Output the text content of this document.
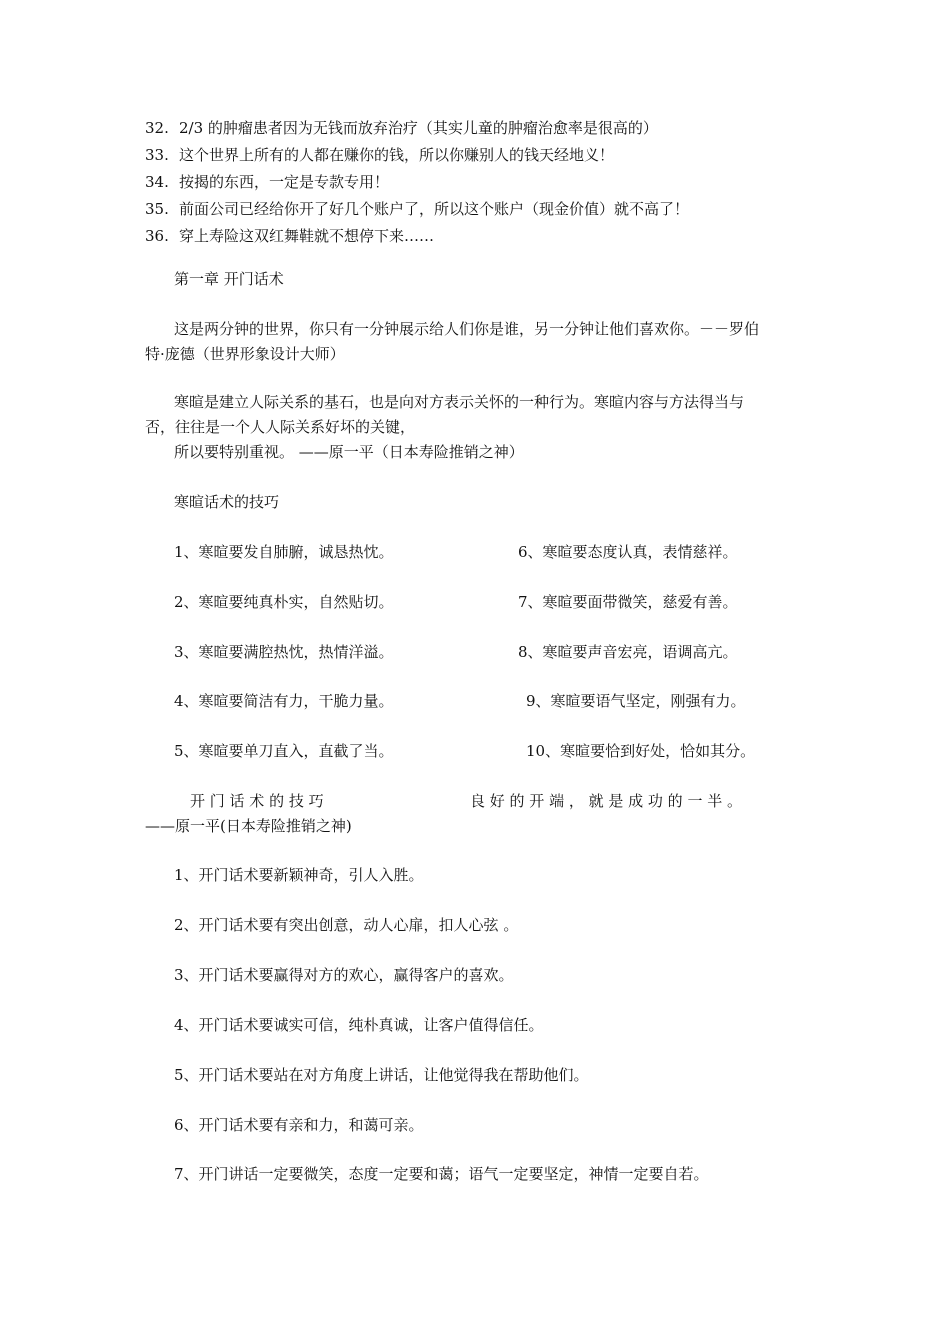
32. 2/3 的肿瘤患者因为无钱而放弃治疗（其实儿童的肿瘤治愈率是很高的）
33. 这个世界上所有的人都在赚你的钱，所以你赚别人的钱天经地义！
34. 按揭的东西，一定是专款专用！
35. 前面公司已经给你开了好几个账户了，所以这个账户（现金价值）就不高了！
36. 穿上寿险这双红舞鞋就不想停下来……
第一章 开门话术
这是两分钟的世界，你只有一分钟展示给人们你是谁，另一分钟让他们喜欢你。－－罗伯
特·庞德（世界形象设计大师）
寒暄是建立人际关系的基石，也是向对方表示关怀的一种行为。寒暄内容与方法得当与
否，往往是一个人人际关系好坏的关键，
所以要特别重视。 ——原一平（日本寿险推销之神）
寒暄话术的技巧
1、寒暄要发自肺腑，诚恳热忱。	6、寒暄要态度认真，表情慈祥。
2、寒暄要纯真朴实，自然贴切。	7、寒暄要面带微笑，慈爱有善。
3、寒暄要满腔热忱，热情洋溢。	8、寒暄要声音宏亮，语调高亢。
4、寒暄要简洁有力，干脆力量。	9、寒暄要语气坚定，刚强有力。
5、寒暄要单刀直入，直截了当。	10、寒暄要恰到好处，恰如其分。
开 门 话 术 的 技 巧	良 好 的 开 端 ， 就 是 成 功 的 一 半 。
——原一平(日本寿险推销之神)
1、开门话术要新颖神奇，引人入胜。
2、开门话术要有突出创意，动人心扉，扣人心弦 。
3、开门话术要赢得对方的欢心，赢得客户的喜欢。
4、开门话术要诚实可信，纯朴真诚，让客户值得信任。
5、开门话术要站在对方角度上讲话，让他觉得我在帮助他们。
6、开门话术要有亲和力，和蔼可亲。
7、开门讲话一定要微笑，态度一定要和蔼；语气一定要坚定，神情一定要自若。
